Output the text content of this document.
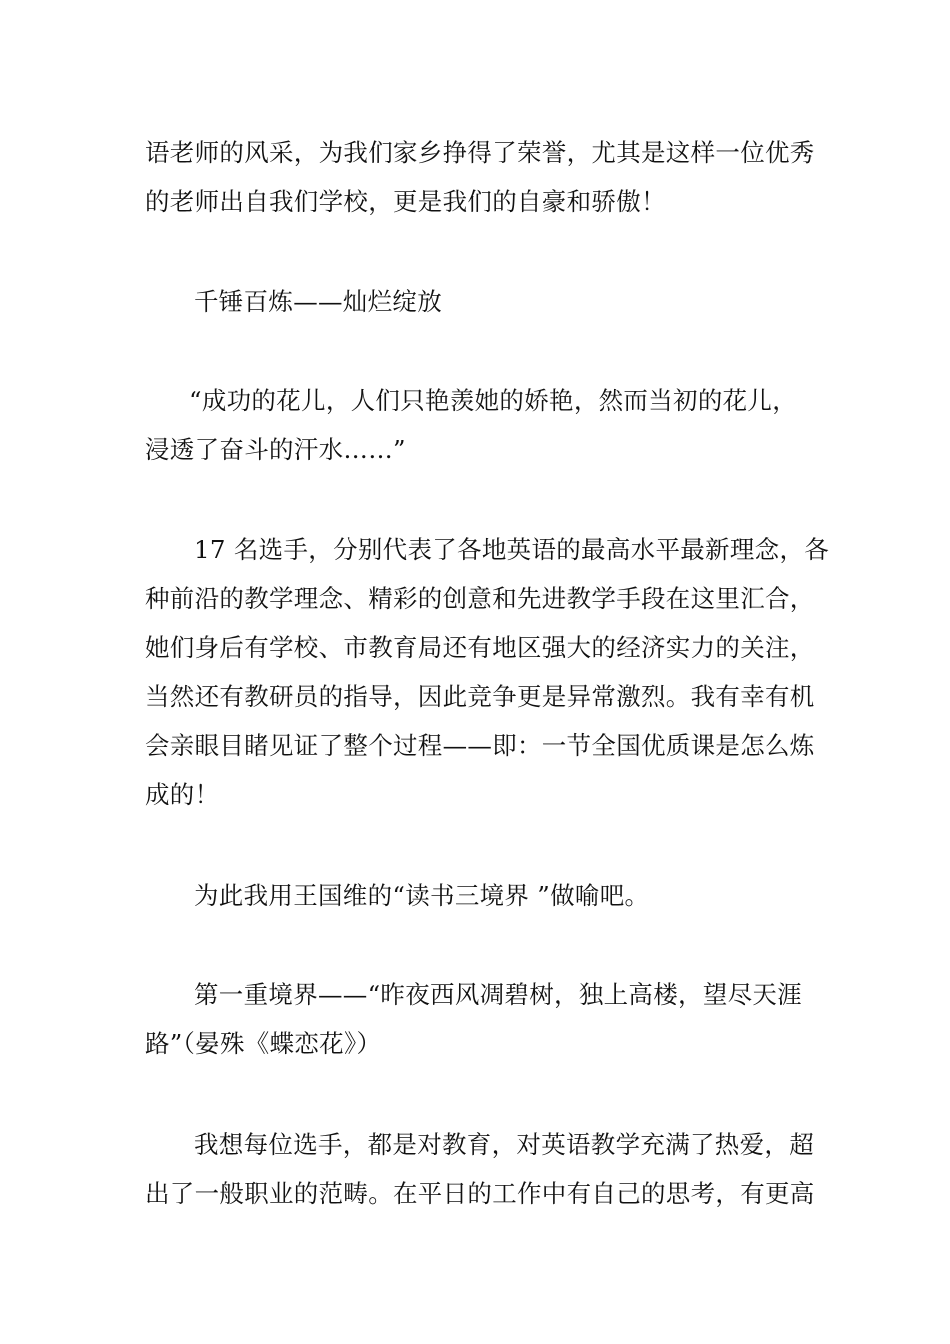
语老师的风采，为我们家乡挣得了荣誉，尤其是这样一位优秀
的老师出自我们学校，更是我们的自豪和骄傲！
千锤百炼——灿烂绽放
“成功的花儿，人们只艳羡她的娇艳，然而当初的花儿，
浸透了奋斗的汗水……”
17 名选手，分别代表了各地英语的最高水平最新理念，各
种前沿的教学理念、精彩的创意和先进教学手段在这里汇合，
她们身后有学校、市教育局还有地区强大的经济实力的关注，
当然还有教研员的指导，因此竞争更是异常激烈。我有幸有机
会亲眼目睹见证了整个过程——即：一节全国优质课是怎么炼
成的！
为此我用王国维的“读书三境界 ”做喻吧。
第一重境界——“昨夜西风凋碧树，独上高楼，望尽天涯
路”（晏殊《蝶恋花》）
我想每位选手，都是对教育，对英语教学充满了热爱，超
出了一般职业的范畴。在平日的工作中有自己的思考，有更高
